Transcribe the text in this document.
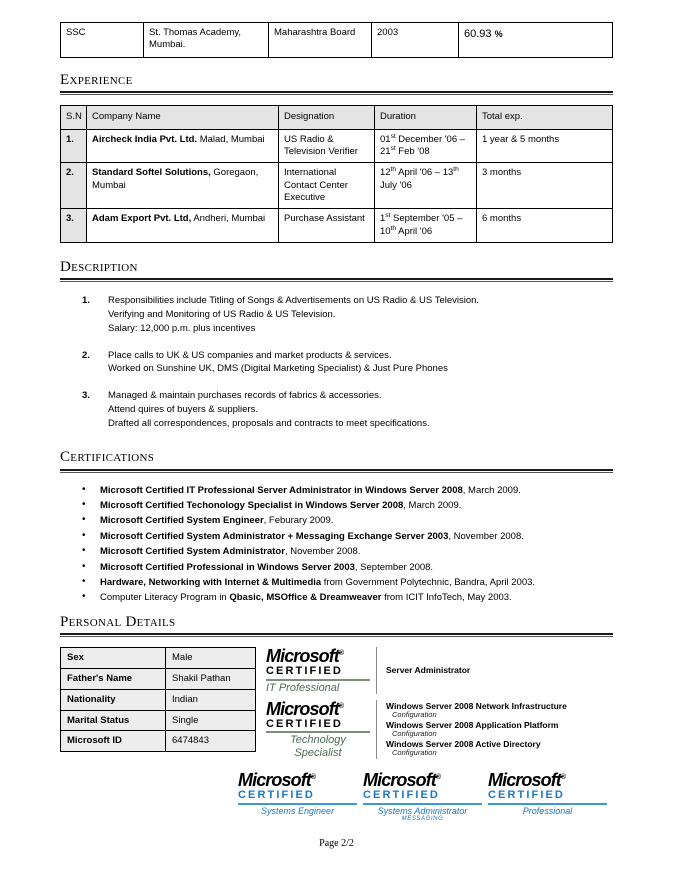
SSC	St. Thomas Academy, Mumbai.	Maharashtra Board	2003	60.93 %
Experience
S.N	Company Name	Designation	Duration	Total exp.
1.	Aircheck India Pvt. Ltd. Malad, Mumbai	US Radio & Television Verifier	01st December '06 – 21st Feb '08	1 year & 5 months
2.	Standard Softel Solutions, Goregaon, Mumbai	International Contact Center Executive	12th April '06 – 13th July '06	3 months
3.	Adam Export Pvt. Ltd, Andheri, Mumbai	Purchase Assistant	1st September '05 – 10th April '06	6 months
Description
1.	Responsibilities include Titling of Songs & Advertisements on US Radio & US Television.
Verifying and Monitoring of US Radio & US Television.
Salary: 12,000 p.m. plus incentives
2.	Place calls to UK & US companies and market products & services.
Worked on Sunshine UK, DMS (Digital Marketing Specialist) & Just Pure Phones
3.	Managed & maintain purchases records of fabrics & accessories.
Attend quires of buyers & suppliers.
Drafted all correspondences, proposals and contracts to meet specifications.
Certifications
•	Microsoft Certified IT Professional Server Administrator in Windows Server 2008, March 2009.
•	Microsoft Certified Techonology Specialist in Windows Server 2008, March 2009.
•	Microsoft Certified System Engineer, Feburary 2009.
•	Microsoft Certified System Administrator + Messaging Exchange Server 2003, November 2008.
•	Microsoft Certified System Administrator, November 2008.
•	Microsoft Certified Professional in Windows Server 2003, September 2008.
•	Hardware, Networking with Internet & Multimedia from Government Polytechnic, Bandra, April 2003.
•	Computer Literacy Program in Qbasic, MSOffice & Dreamweaver from ICIT InfoTech, May 2003.
Personal Details
Sex	Male
Father's Name	Shakil Pathan
Nationality	Indian
Marital Status	Single
Microsoft ID	6474843
Microsoft®
CERTIFIED
IT Professional
Server Administrator
Microsoft®
CERTIFIED
Technology
Specialist
Windows Server 2008 Network Infrastructure
Configuration
Windows Server 2008 Application Platform
Configuration
Windows Server 2008 Active Directory
Configuration
Microsoft®
CERTIFIED
Systems Engineer
Microsoft®
CERTIFIED
Systems Administrator
MESSAGING
Microsoft®
CERTIFIED
Professional
Page 2/2
